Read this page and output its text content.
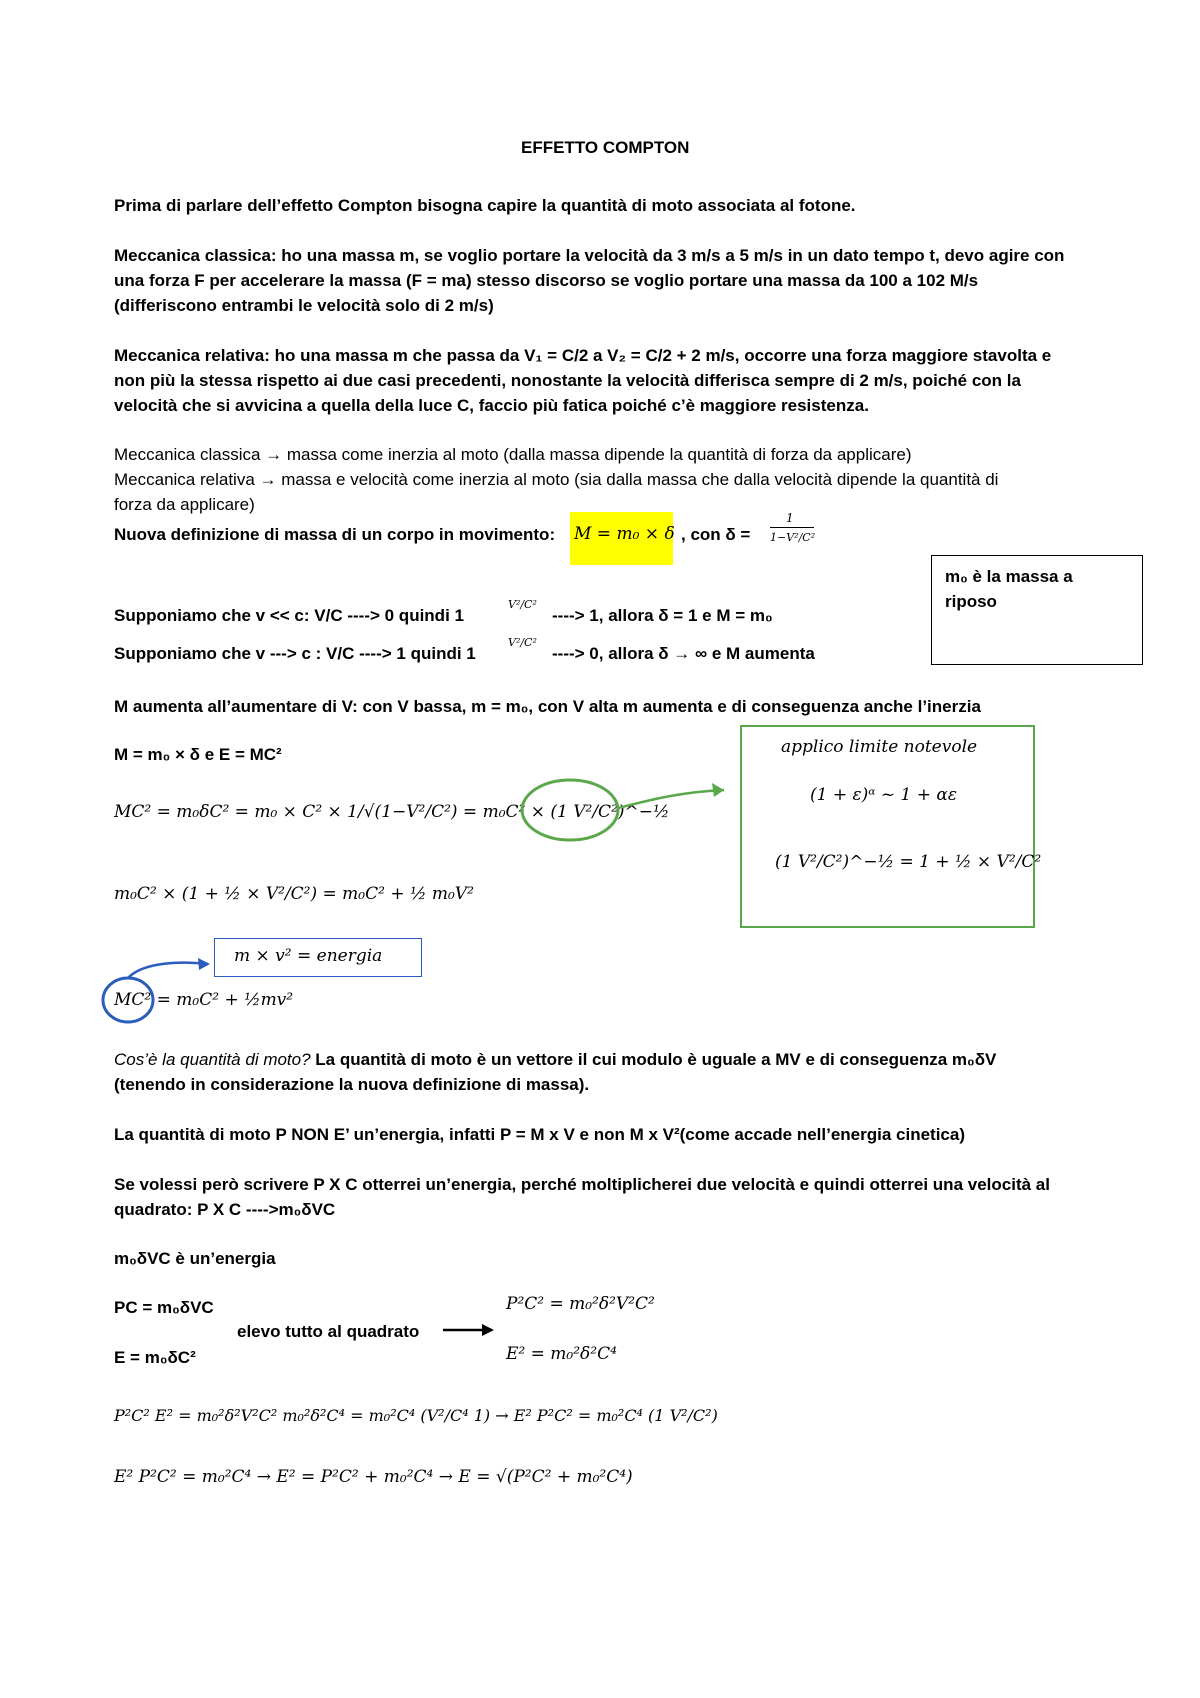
EFFETTO COMPTON
Prima di parlare dell’effetto Compton bisogna capire la quantità di moto associata al fotone.
Meccanica classica: ho una massa m, se voglio portare la velocità da 3 m/s a 5 m/s in un dato tempo t, devo agire con
una forza F per accelerare la massa (F = ma) stesso discorso se voglio portare una massa da 100 a 102 M/s
(differiscono entrambi le velocità solo di 2 m/s)
Meccanica relativa: ho una massa m che passa da V₁ = C/2 a V₂ = C/2 + 2 m/s, occorre una forza maggiore stavolta e
non più la stessa rispetto ai due casi precedenti, nonostante la velocità differisca sempre di 2 m/s, poiché con la
velocità che si avvicina a quella della luce C, faccio più fatica poiché c’è maggiore resistenza.
Meccanica classica → massa come inerzia al moto (dalla massa dipende la quantità di forza da applicare)
Meccanica relativa → massa e velocità come inerzia al moto (sia dalla massa che dalla velocità dipende la quantità di
forza da applicare)
Nuova definizione di massa di un corpo in movimento: M = m₀ × δ , con δ =
1
1−V²/C²
m₀ è la massa a
riposo
Supponiamo che v << c: V/C ----> 0 quindi 1
V²/C²
----> 1, allora δ = 1 e M = m₀
Supponiamo che v ---> c : V/C ----> 1 quindi 1
V²/C²
----> 0, allora δ → ∞ e M aumenta
M aumenta all’aumentare di V: con V bassa, m = m₀, con V alta m aumenta e di conseguenza anche l’inerzia
M = m₀ × δ e E = MC²
MC² = m₀δC² = m₀ × C² × 1/√(1−V²/C²) = m₀C² × (1 V²/C²)^−½
m₀C² × (1 + ½ × V²/C²) = m₀C² + ½ m₀V²
applico limite notevole
(1 + ε)ᵅ ~ 1 + αε
(1 V²/C²)^−½ = 1 + ½ × V²/C²
m × v² = energia
MC² = m₀C² + ½mv²
Cos’è la quantità di moto? La quantità di moto è un vettore il cui modulo è uguale a MV e di conseguenza m₀δV
(tenendo in considerazione la nuova definizione di massa).
La quantità di moto P NON E’ un’energia, infatti P = M x V e non M x V²(come accade nell’energia cinetica)
Se volessi però scrivere P X C otterrei un’energia, perché moltiplicherei due velocità e quindi otterrei una velocità al
quadrato: P X C ---->m₀δVC
m₀δVC è un’energia
PC = m₀δVC
E = m₀δC²
elevo tutto al quadrato
P²C² = m₀²δ²V²C²
E² = m₀²δ²C⁴
P²C² E² = m₀²δ²V²C² m₀²δ²C⁴ = m₀²C⁴ (V²/C⁴ 1) → E² P²C² = m₀²C⁴ (1 V²/C²)
E² P²C² = m₀²C⁴ → E² = P²C² + m₀²C⁴ → E = √(P²C² + m₀²C⁴)
